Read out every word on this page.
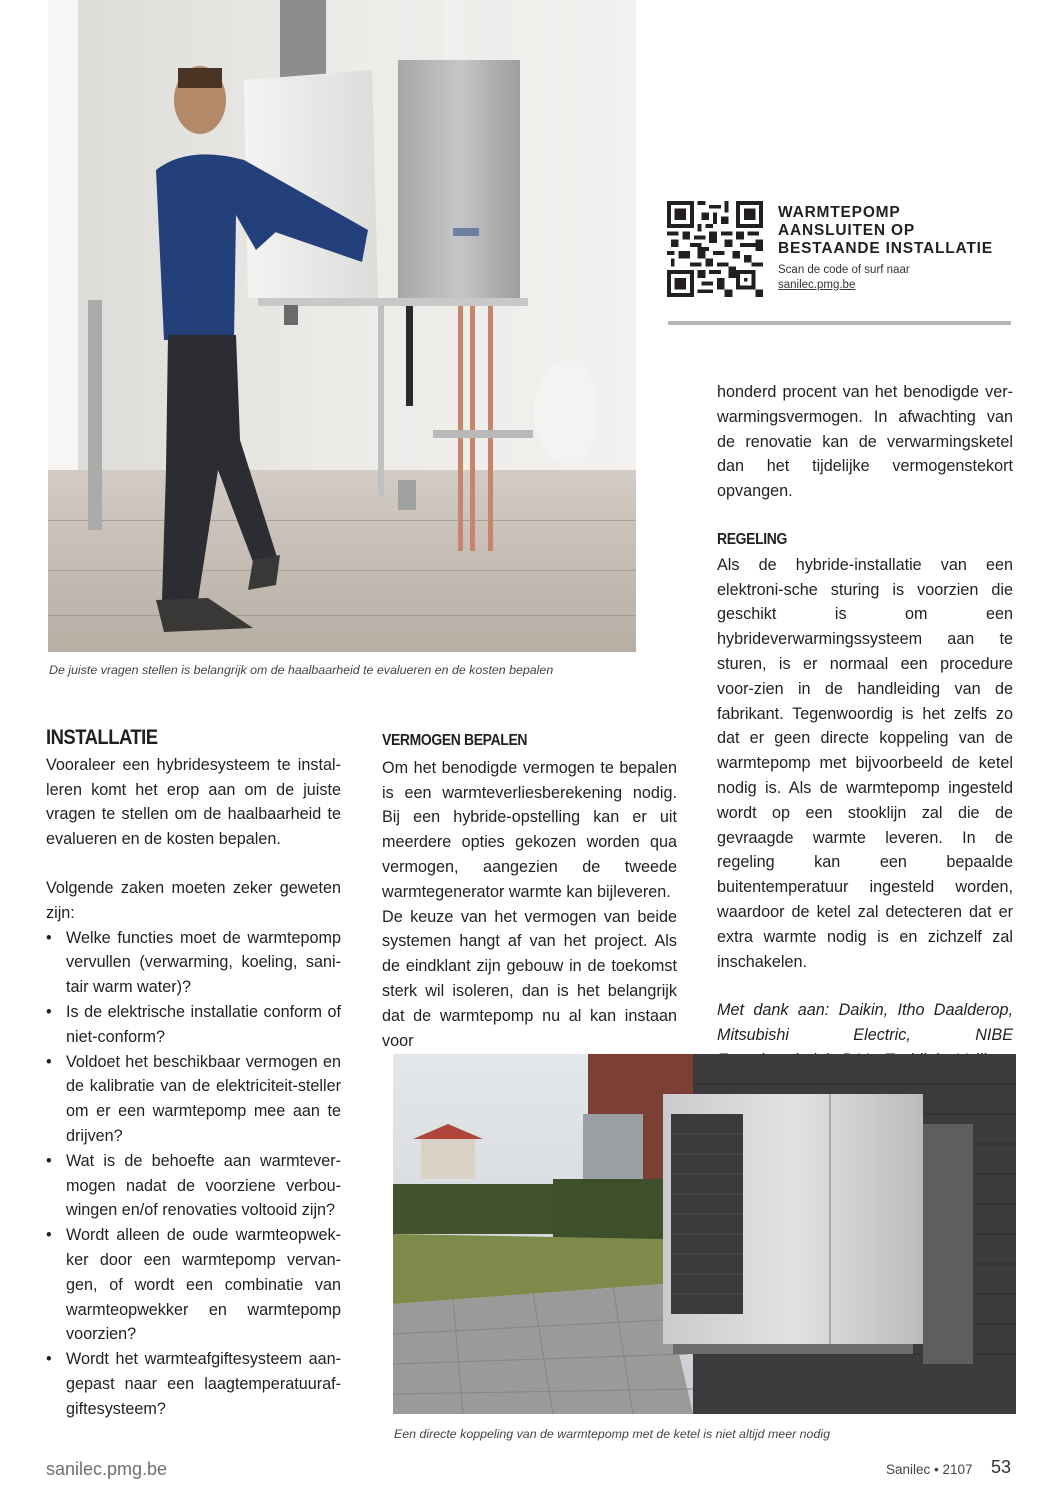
De juiste vragen stellen is belangrijk om de haalbaarheid te evalueren en de kosten bepalen
WARMTEPOMP
AANSLUITEN OP
BESTAANDE INSTALLATIE
Scan de code of surf naar
sanilec.pmg.be

honderd procent van het benodigde ver-warmingsvermogen. In afwachting van de renovatie kan de verwarmingsketel dan het tijdelijke vermogenstekort opvangen.

REGELING

Als de hybride-installatie van een elektroni-sche sturing is voorzien die geschikt is om een hybrideverwarmingssysteem aan te sturen, is er normaal een procedure voor-zien in de handleiding van de fabrikant. Tegenwoordig is het zelfs zo dat er geen directe koppeling van de warmtepomp met bijvoorbeeld de ketel nodig is. Als de warmtepomp ingesteld wordt op een stooklijn zal die de gevraagde warmte leveren. In de regeling kan een bepaalde buitentemperatuur ingesteld worden, waardoor de ketel zal detecteren dat er extra warmte nodig is en zichzelf zal inschakelen.

Met dank aan: Daikin, Itho Daalderop, Mitsubishi Electric, NIBE

INSTALLATIE

Vooraleer een hybridesysteem te instal-leren komt het erop aan om de juiste vragen te stellen om de haalbaarheid te evalueren en de kosten bepalen.

Volgende zaken moeten zeker geweten zijn:

• Welke functies moet de warmtepomp vervullen (verwarming, koeling, sani-tair warm water)?
• Is de elektrische installatie conform of niet-conform?
• Voldoet het beschikbaar vermogen en de kalibratie van de elektriciteit-steller om er een warmtepomp mee aan te drijven?
• Wat is de behoefte aan warmtever-mogen nadat de voorziene verbou-wingen en/of renovaties voltooid zijn?
• Wordt alleen de oude warmteopwek-ker door een warmtepomp vervan-gen, of wordt een combinatie van warmteopwekker en warmtepomp voorzien?
• Wordt het warmteafgiftesysteem aan-gepast naar een laagtemperatuuraf-giftesysteem?
VERMOGEN BEPALEN

Om het benodigde vermogen te bepalen is een warmteverliesberekening nodig. Bij een hybride-opstelling kan er uit meerdere opties gekozen worden qua vermogen, aangezien de tweede warmtegenerator warmte kan bijleveren.

De keuze van het vermogen van beide systemen hangt af van het project. Als de eindklant zijn gebouw in de toekomst sterk wil isoleren, dan is het belangrijk dat de warmtepomp nu al kan instaan voor

Een directe koppeling van de warmtepomp met de ketel is niet altijd meer nodig
sanilec.pmg.be	Sanilec • 2107 53
